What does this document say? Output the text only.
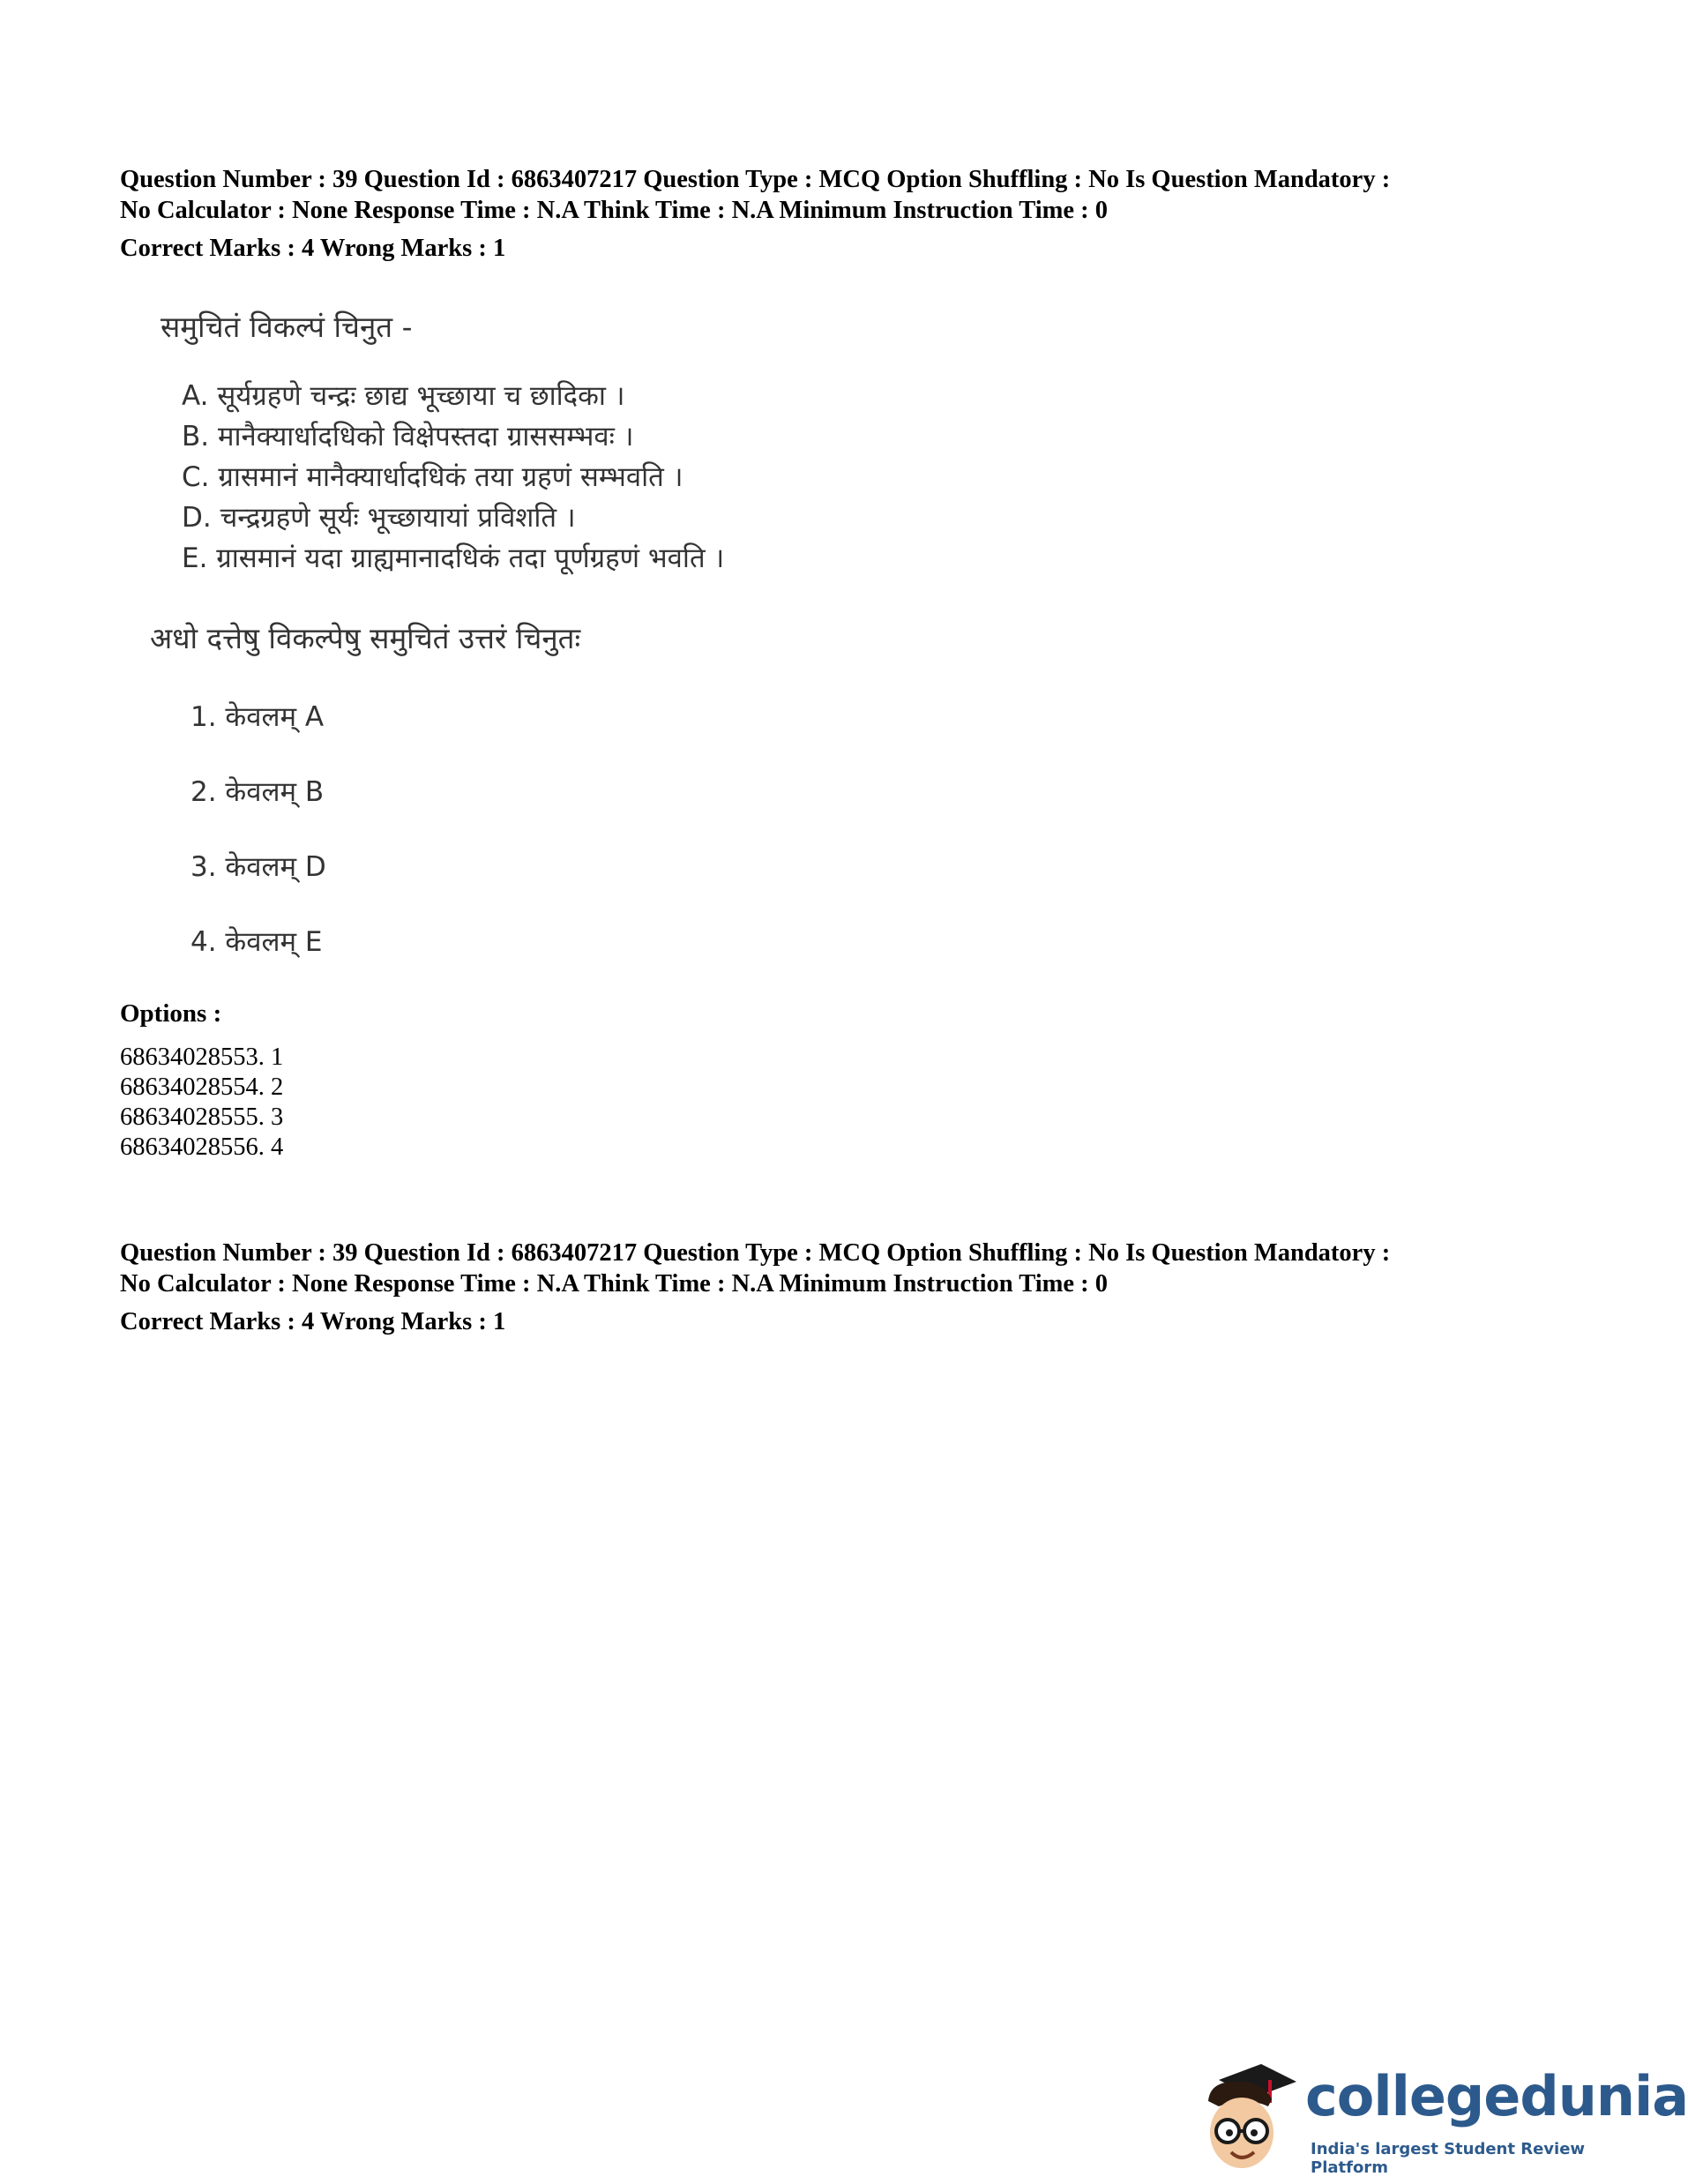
Question Number : 39 Question Id : 6863407217 Question Type : MCQ Option Shuffling : No Is Question Mandatory :
No Calculator : None Response Time : N.A Think Time : N.A Minimum Instruction Time : 0
Correct Marks : 4 Wrong Marks : 1
समुचितं विकल्पं चिनुत -
A. सूर्यग्रहणे चन्द्रः छाद्य भूच्छाया च छादिका ।
B. मानैक्यार्धादधिको विक्षेपस्तदा ग्राससम्भवः ।
C. ग्रासमानं मानैक्यार्धादधिकं तया ग्रहणं सम्भवति ।
D. चन्द्रग्रहणे सूर्यः भूच्छायायां प्रविशति ।
E. ग्रासमानं यदा ग्राह्यमानादधिकं तदा पूर्णग्रहणं भवति ।
अधो दत्तेषु विकल्पेषु समुचितं उत्तरं चिनुतः
1. केवलम् A
2. केवलम् B
3. केवलम् D
4. केवलम् E
Options :
68634028553. 1
68634028554. 2
68634028555. 3
68634028556. 4
Question Number : 39 Question Id : 6863407217 Question Type : MCQ Option Shuffling : No Is Question Mandatory :
No Calculator : None Response Time : N.A Think Time : N.A Minimum Instruction Time : 0
Correct Marks : 4 Wrong Marks : 1
collegedunia
India's largest Student Review Platform
